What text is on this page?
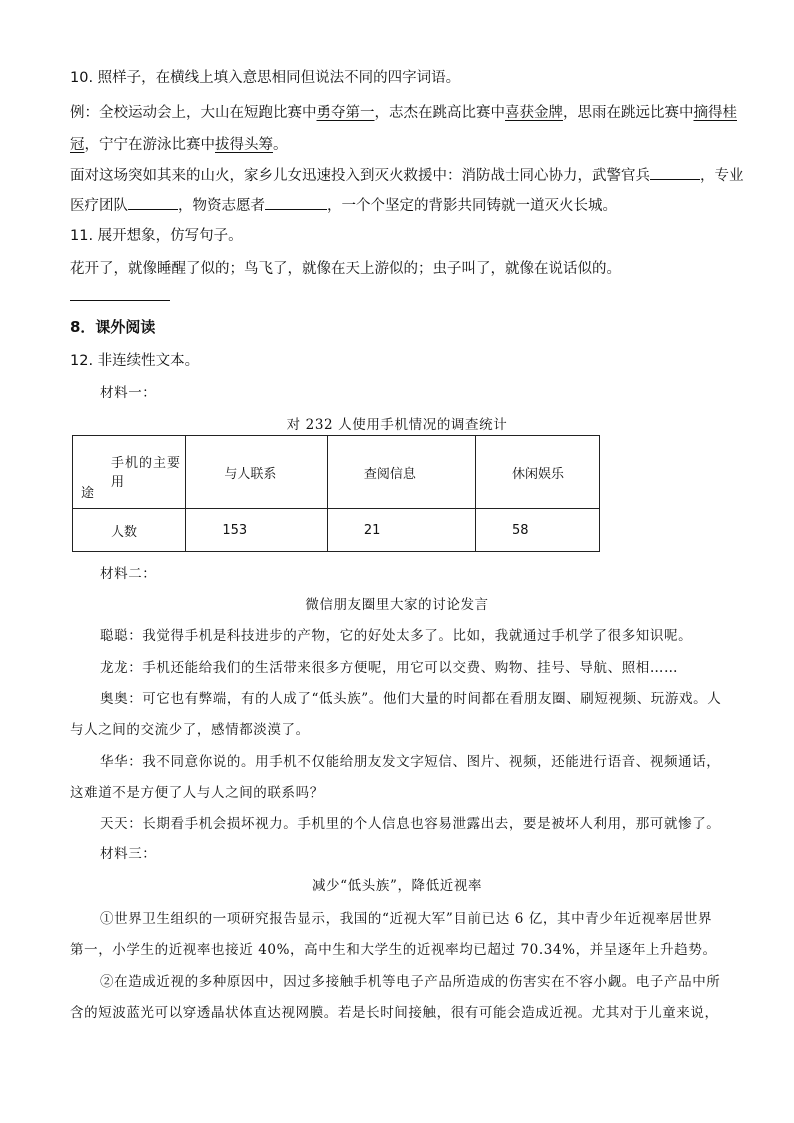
10. 照样子，在横线上填入意思相同但说法不同的四字词语。
例：全校运动会上，大山在短跑比赛中勇夺第一，志杰在跳高比赛中喜获金牌，思雨在跳远比赛中摘得桂
冠，宁宁在游泳比赛中拔得头筹。
面对这场突如其来的山火，家乡儿女迅速投入到灭火救援中：消防战士同心协力，武警官兵	，专业
医疗团队	，物资志愿者	，一个个坚定的背影共同铸就一道灭火长城。
11. 展开想象，仿写句子。
花开了，就像睡醒了似的；鸟飞了，就像在天上游似的；虫子叫了，就像在说话似的。
8．课外阅读
12. 非连续性文本。
材料一：
对 232 人使用手机情况的调查统计
手机的主要用
途	与人联系	查阅信息	休闲娱乐
人数	153	21	58
材料二：
微信朋友圈里大家的讨论发言
聪聪：我觉得手机是科技进步的产物，它的好处太多了。比如，我就通过手机学了很多知识呢。
龙龙：手机还能给我们的生活带来很多方便呢，用它可以交费、购物、挂号、导航、照相……
奥奥：可它也有弊端，有的人成了“低头族”。他们大量的时间都在看朋友圈、刷短视频、玩游戏。人
与人之间的交流少了，感情都淡漠了。
华华：我不同意你说的。用手机不仅能给朋友发文字短信、图片、视频，还能进行语音、视频通话，
这难道不是方便了人与人之间的联系吗？
天天：长期看手机会损坏视力。手机里的个人信息也容易泄露出去，要是被坏人利用，那可就惨了。
材料三：
减少“低头族”，降低近视率
①世界卫生组织的一项研究报告显示，我国的“近视大军”目前已达 6 亿，其中青少年近视率居世界
第一，小学生的近视率也接近 40%，高中生和大学生的近视率均已超过 70.34%，并呈逐年上升趋势。
②在造成近视的多种原因中，因过多接触手机等电子产品所造成的伤害实在不容小觑。电子产品中所
含的短波蓝光可以穿透晶状体直达视网膜。若是长时间接触，很有可能会造成近视。尤其对于儿童来说，
